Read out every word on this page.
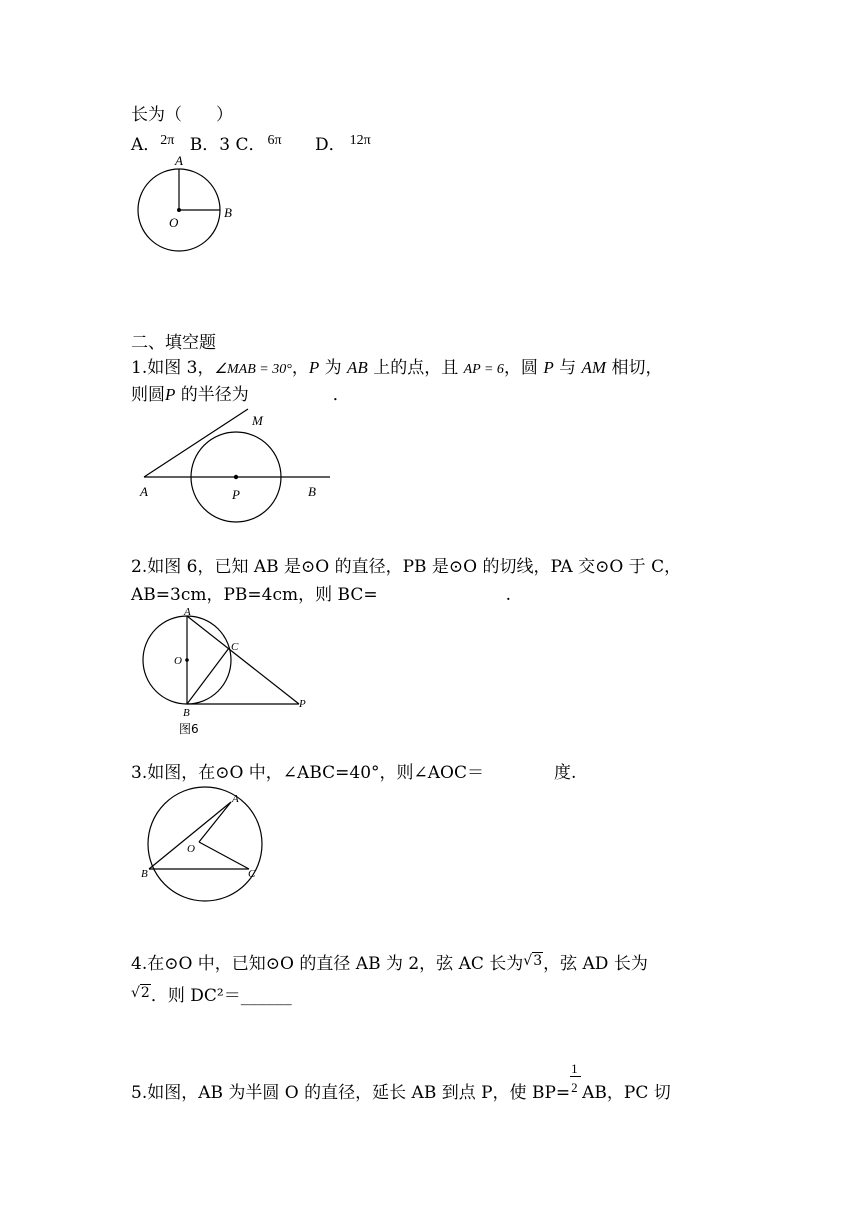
长为（　　）
A．$^{2\pi}$ B．3 C． $^{6\pi}$ D． $^{12\pi}$
A
B
O
二、填空题
1.如图 3，∠MAB = 30°，P 为 AB 上的点，且 AP = 6，圆 P 与 AM 相切，
则圆P 的半径为	．
A	P	B
M
2.如图 6，已知 AB 是⊙O 的直径，PB 是⊙O 的切线，PA 交⊙O 于 C，
AB=3cm，PB=4cm，则 BC=	.
A
O
C
B
P
图6
3.如图，在⊙O 中，∠ABC=40°，则∠AOC＝	度.
A
O
B	C
4.在⊙O 中，已知⊙O 的直径 AB 为 2，弦 AC 长为$^{√3}$，弦 AD 长为
$^{√2}$．则 DC²＝______
5.如图，AB 为半圆 O 的直径，延长 AB 到点 P，使 $BP= \frac{1}{2}$ AB，PC 切
